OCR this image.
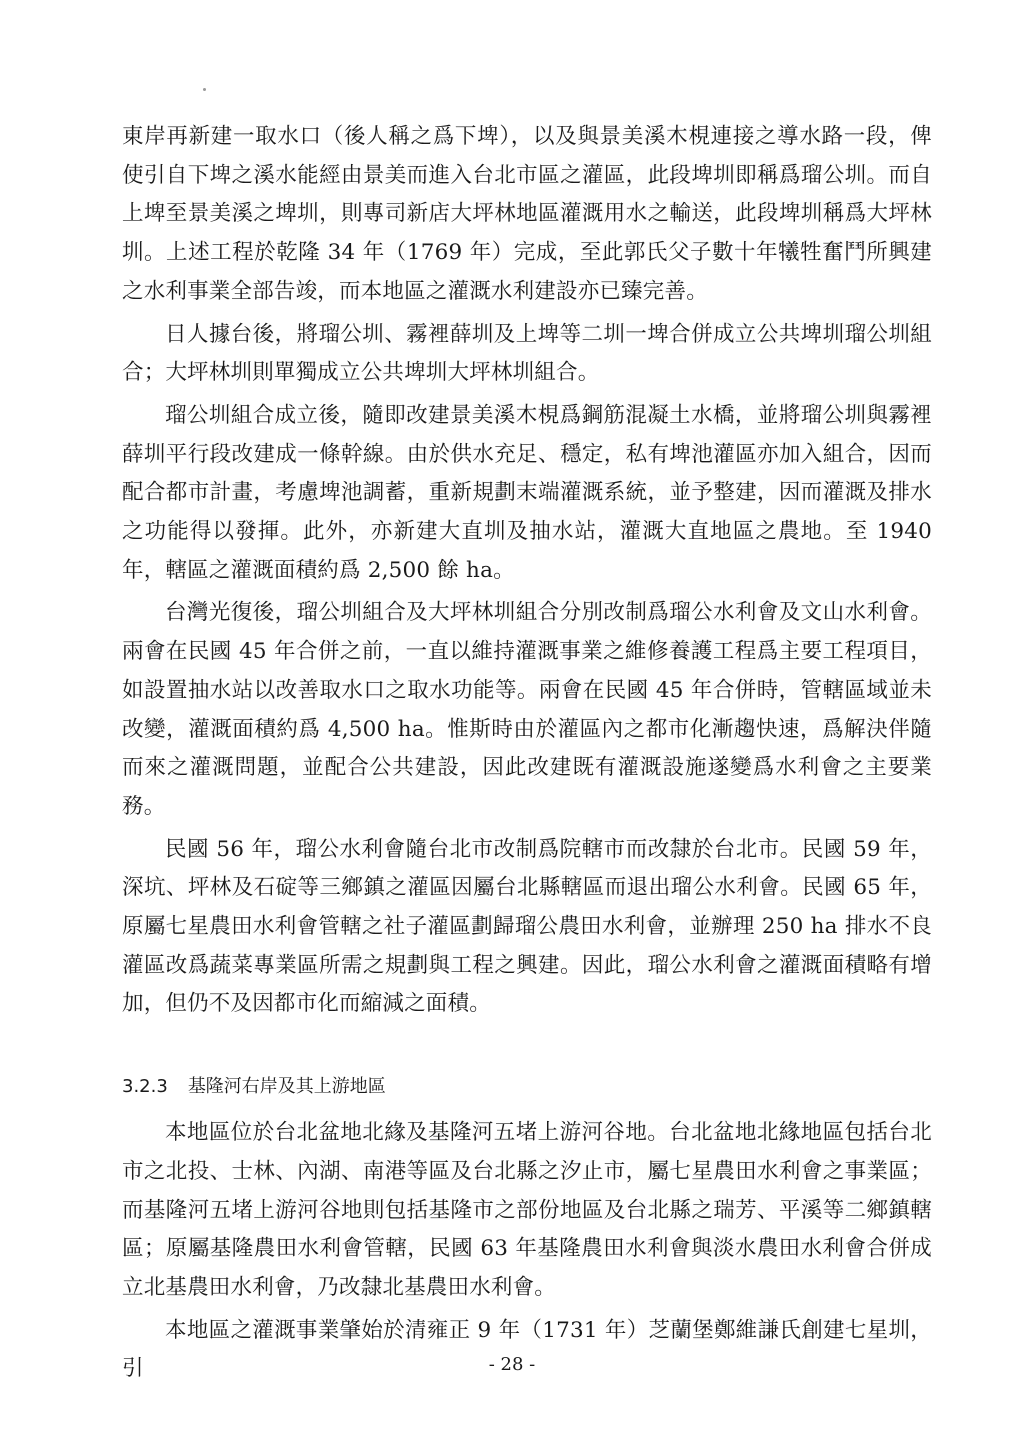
東岸再新建一取水口（後人稱之爲下埤），以及與景美溪木梘連接之導水路一段，俾使引自下埤之溪水能經由景美而進入台北市區之灌區，此段埤圳即稱爲瑠公圳。而自上埤至景美溪之埤圳，則專司新店大坪林地區灌溉用水之輸送，此段埤圳稱爲大坪林圳。上述工程於乾隆 34 年（1769 年）完成，至此郭氏父子數十年犧牲奮鬥所興建之水利事業全部告竣，而本地區之灌溉水利建設亦已臻完善。

日人據台後，將瑠公圳、霧裡薛圳及上埤等二圳一埤合併成立公共埤圳瑠公圳組合；大坪林圳則單獨成立公共埤圳大坪林圳組合。

瑠公圳組合成立後，隨即改建景美溪木梘爲鋼筋混凝土水橋，並將瑠公圳與霧裡薛圳平行段改建成一條幹線。由於供水充足、穩定，私有埤池灌區亦加入組合，因而配合都市計畫，考慮埤池調蓄，重新規劃末端灌溉系統，並予整建，因而灌溉及排水之功能得以發揮。此外，亦新建大直圳及抽水站，灌溉大直地區之農地。至 1940 年，轄區之灌溉面積約爲 2,500 餘 ha。

台灣光復後，瑠公圳組合及大坪林圳組合分別改制爲瑠公水利會及文山水利會。兩會在民國 45 年合併之前，一直以維持灌溉事業之維修養護工程爲主要工程項目，如設置抽水站以改善取水口之取水功能等。兩會在民國 45 年合併時，管轄區域並未改變，灌溉面積約爲 4,500 ha。惟斯時由於灌區內之都市化漸趨快速，爲解決伴隨而來之灌溉問題，並配合公共建設，因此改建既有灌溉設施遂變爲水利會之主要業務。

民國 56 年，瑠公水利會隨台北市改制爲院轄市而改隸於台北市。民國 59 年，深坑、坪林及石碇等三鄉鎮之灌區因屬台北縣轄區而退出瑠公水利會。民國 65 年，原屬七星農田水利會管轄之社子灌區劃歸瑠公農田水利會，並辦理 250 ha 排水不良灌區改爲蔬菜專業區所需之規劃與工程之興建。因此，瑠公水利會之灌溉面積略有增加，但仍不及因都市化而縮減之面積。

3.2.3 基隆河右岸及其上游地區

本地區位於台北盆地北緣及基隆河五堵上游河谷地。台北盆地北緣地區包括台北市之北投、士林、內湖、南港等區及台北縣之汐止市，屬七星農田水利會之事業區；而基隆河五堵上游河谷地則包括基隆市之部份地區及台北縣之瑞芳、平溪等二鄉鎮轄區；原屬基隆農田水利會管轄，民國 63 年基隆農田水利會與淡水農田水利會合併成立北基農田水利會，乃改隸北基農田水利會。

本地區之灌溉事業肇始於清雍正 9 年（1731 年）芝蘭堡鄭維謙氏創建七星圳，引	- 28 -
